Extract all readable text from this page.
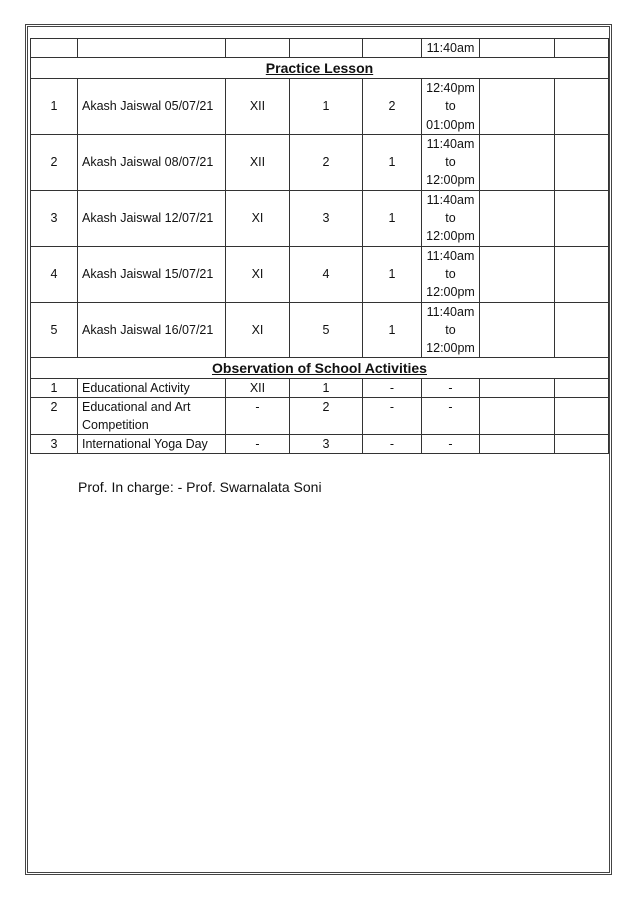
					11:40am		
Practice Lesson							
1	Akash Jaiswal 05/07/21	XII	1	2	12:40pm
to
01:00pm		

2	Akash Jaiswal 08/07/21	XII	2	1	11:40am
to
12:00pm		

3	Akash Jaiswal 12/07/21	XI	3	1	11:40am
to
12:00pm		

4	Akash Jaiswal 15/07/21	XI	4	1	11:40am
to
12:00pm		

5	Akash Jaiswal 16/07/21	XI	5	1	11:40am
to
12:00pm		

Observation of School Activities							
1	Educational Activity	XII	1	-	-		
2	Educational and Art
Competition	-	2	-	-		
3	International Yoga Day	-	3	-	-		
Prof. In charge: - Prof. Swarnalata Soni
